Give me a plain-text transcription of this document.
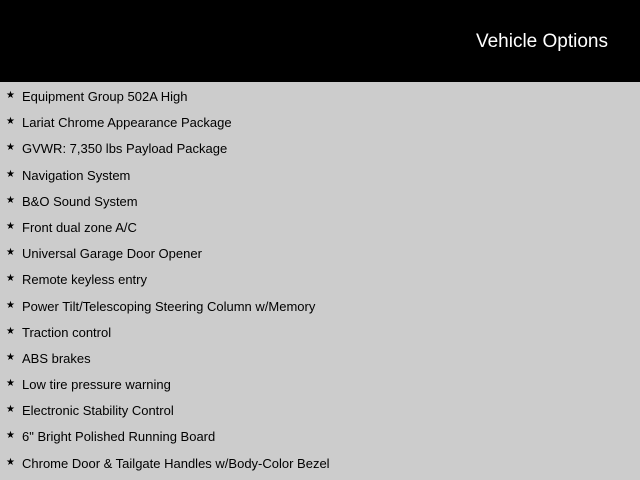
Vehicle Options
★ Equipment Group 502A High
★ Lariat Chrome Appearance Package
★ GVWR: 7,350 lbs Payload Package
★ Navigation System
★ B&O Sound System
★ Front dual zone A/C
★ Universal Garage Door Opener
★ Remote keyless entry
★ Power Tilt/Telescoping Steering Column w/Memory
★ Traction control
★ ABS brakes
★ Low tire pressure warning
★ Electronic Stability Control
★ 6" Bright Polished Running Board
★ Chrome Door & Tailgate Handles w/Body-Color Bezel
